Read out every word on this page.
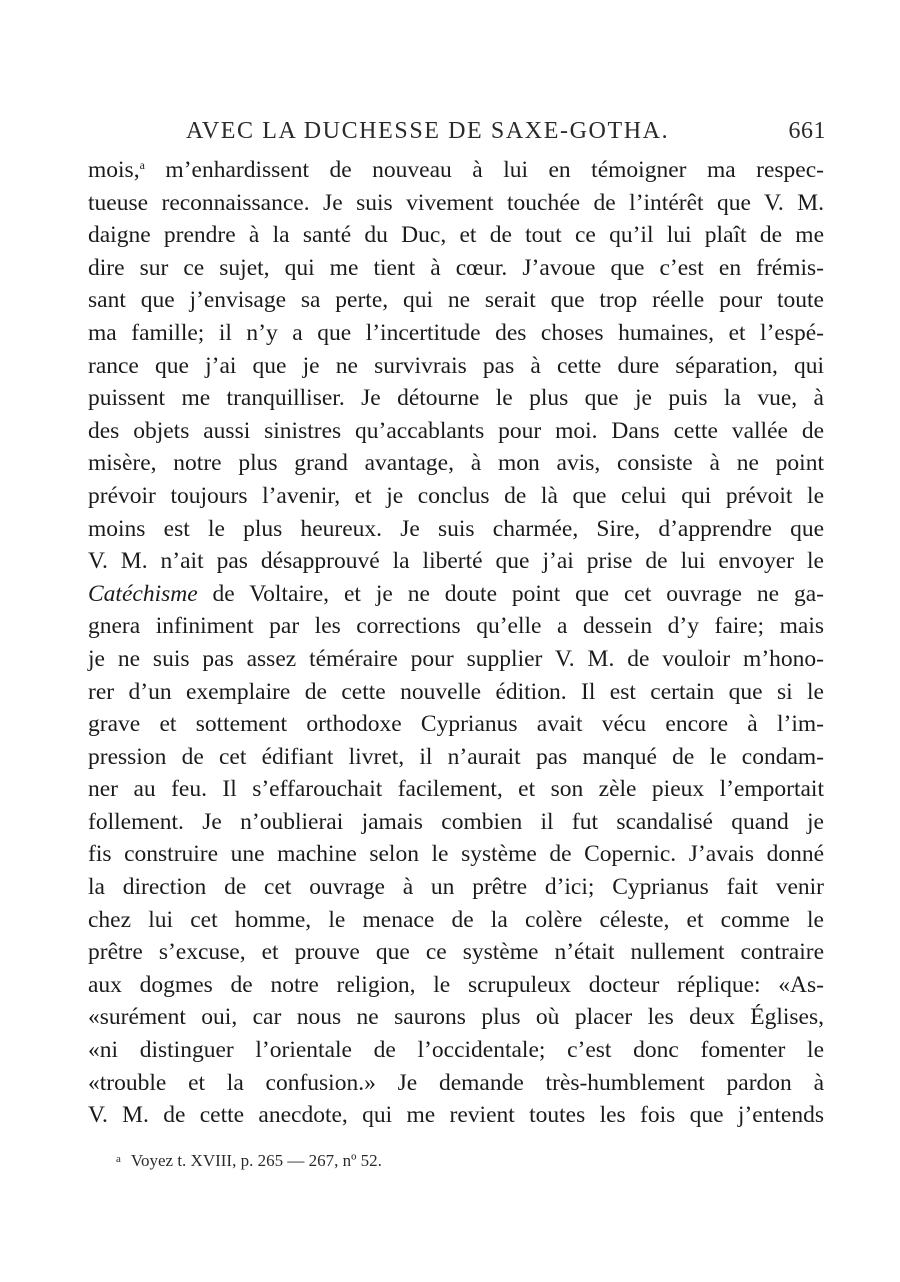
AVEC LA DUCHESSE DE SAXE-GOTHA.	661
mois,$^a$ m’enhardissent de nouveau à lui en témoigner ma respec-
tueuse reconnaissance. Je suis vivement touchée de l’intérêt que V. M.
daigne prendre à la santé du Duc, et de tout ce qu’il lui plaît de me
dire sur ce sujet, qui me tient à cœur. J’avoue que c’est en frémis-
sant que j’envisage sa perte, qui ne serait que trop réelle pour toute
ma famille; il n’y a que l’incertitude des choses humaines, et l’espé-
rance que j’ai que je ne survivrais pas à cette dure séparation, qui
puissent me tranquilliser. Je détourne le plus que je puis la vue, à
des objets aussi sinistres qu’accablants pour moi. Dans cette vallée de
misère, notre plus grand avantage, à mon avis, consiste à ne point
prévoir toujours l’avenir, et je conclus de là que celui qui prévoit le
moins est le plus heureux. Je suis charmée, Sire, d’apprendre que
V. M. n’ait pas désapprouvé la liberté que j’ai prise de lui envoyer le
Catéchisme de Voltaire, et je ne doute point que cet ouvrage ne ga-
gnera infiniment par les corrections qu’elle a dessein d’y faire; mais
je ne suis pas assez téméraire pour supplier V. M. de vouloir m’hono-
rer d’un exemplaire de cette nouvelle édition. Il est certain que si le
grave et sottement orthodoxe Cyprianus avait vécu encore à l’im-
pression de cet édifiant livret, il n’aurait pas manqué de le condam-
ner au feu. Il s’effarouchait facilement, et son zèle pieux l’emportait
follement. Je n’oublierai jamais combien il fut scandalisé quand je
fis construire une machine selon le système de Copernic. J’avais donné
la direction de cet ouvrage à un prêtre d’ici; Cyprianus fait venir
chez lui cet homme, le menace de la colère céleste, et comme le
prêtre s’excuse, et prouve que ce système n’était nullement contraire
aux dogmes de notre religion, le scrupuleux docteur réplique: «As-
«surément oui, car nous ne saurons plus où placer les deux Églises,
«ni distinguer l’orientale de l’occidentale; c’est donc fomenter le
«trouble et la confusion.» Je demande très-humblement pardon à
V. M. de cette anecdote, qui me revient toutes les fois que j’entends
$^a$ Voyez t. XVIII, p. 265 — 267, nº 52.
